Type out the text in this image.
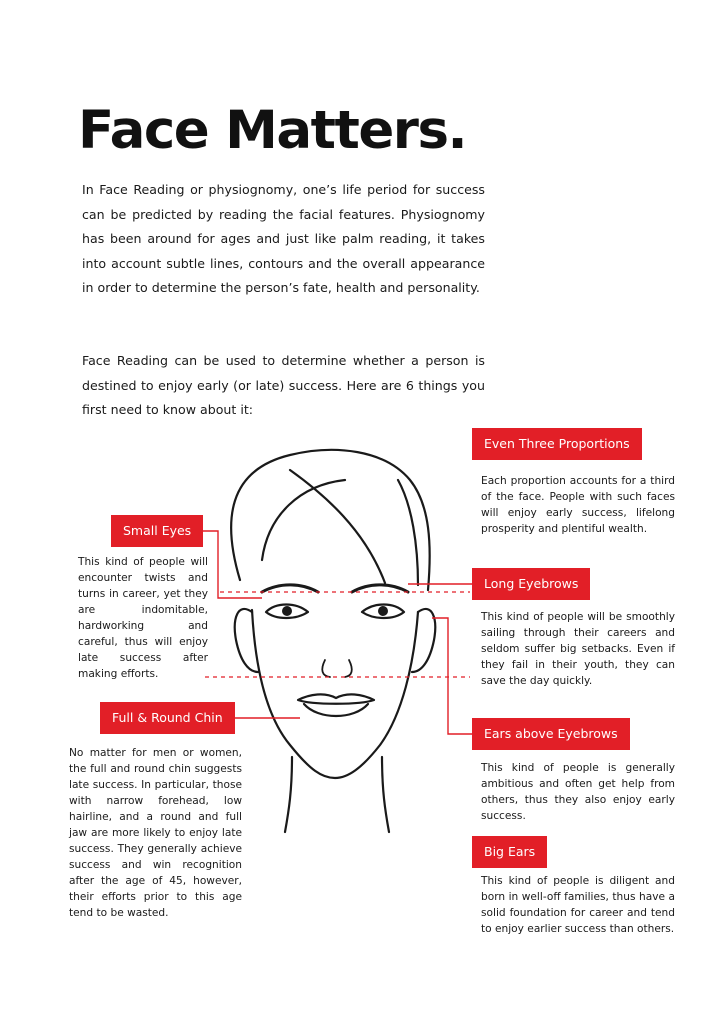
Face Matters.

In Face Reading or physiognomy, one’s life period for success can be predicted by reading the facial features. Physiognomy has been around for ages and just like palm reading, it takes into account subtle lines, contours and the overall appearance in order to determine the person’s fate, health and personality.

Face Reading can be used to determine whether a person is destined to enjoy early (or late) success. Here are 6 things you first need to know about it:

Even Three Proportions

Each proportion accounts for a third of the face. People with such faces will enjoy early success, lifelong prosperity and plentiful wealth.

Small Eyes

This kind of people will encounter twists and turns in career, yet they are indomitable, hardworking and careful, thus will enjoy late success after making efforts.

Long Eyebrows

This kind of people will be smoothly sailing through their careers and seldom suffer big setbacks. Even if they fail in their youth, they can save the day quickly.

Full & Round Chin

No matter for men or women, the full and round chin suggests late success. In particular, those with narrow forehead, low hairline, and a round and full jaw are more likely to enjoy late success. They generally achieve success and win recognition after the age of 45, however, their efforts prior to this age tend to be wasted.

Ears above Eyebrows

This kind of people is generally ambitious and often get help from others, thus they also enjoy early success.

Big Ears

This kind of people is diligent and born in well-off families, thus have a solid foundation for career and tend to enjoy earlier success than others.
